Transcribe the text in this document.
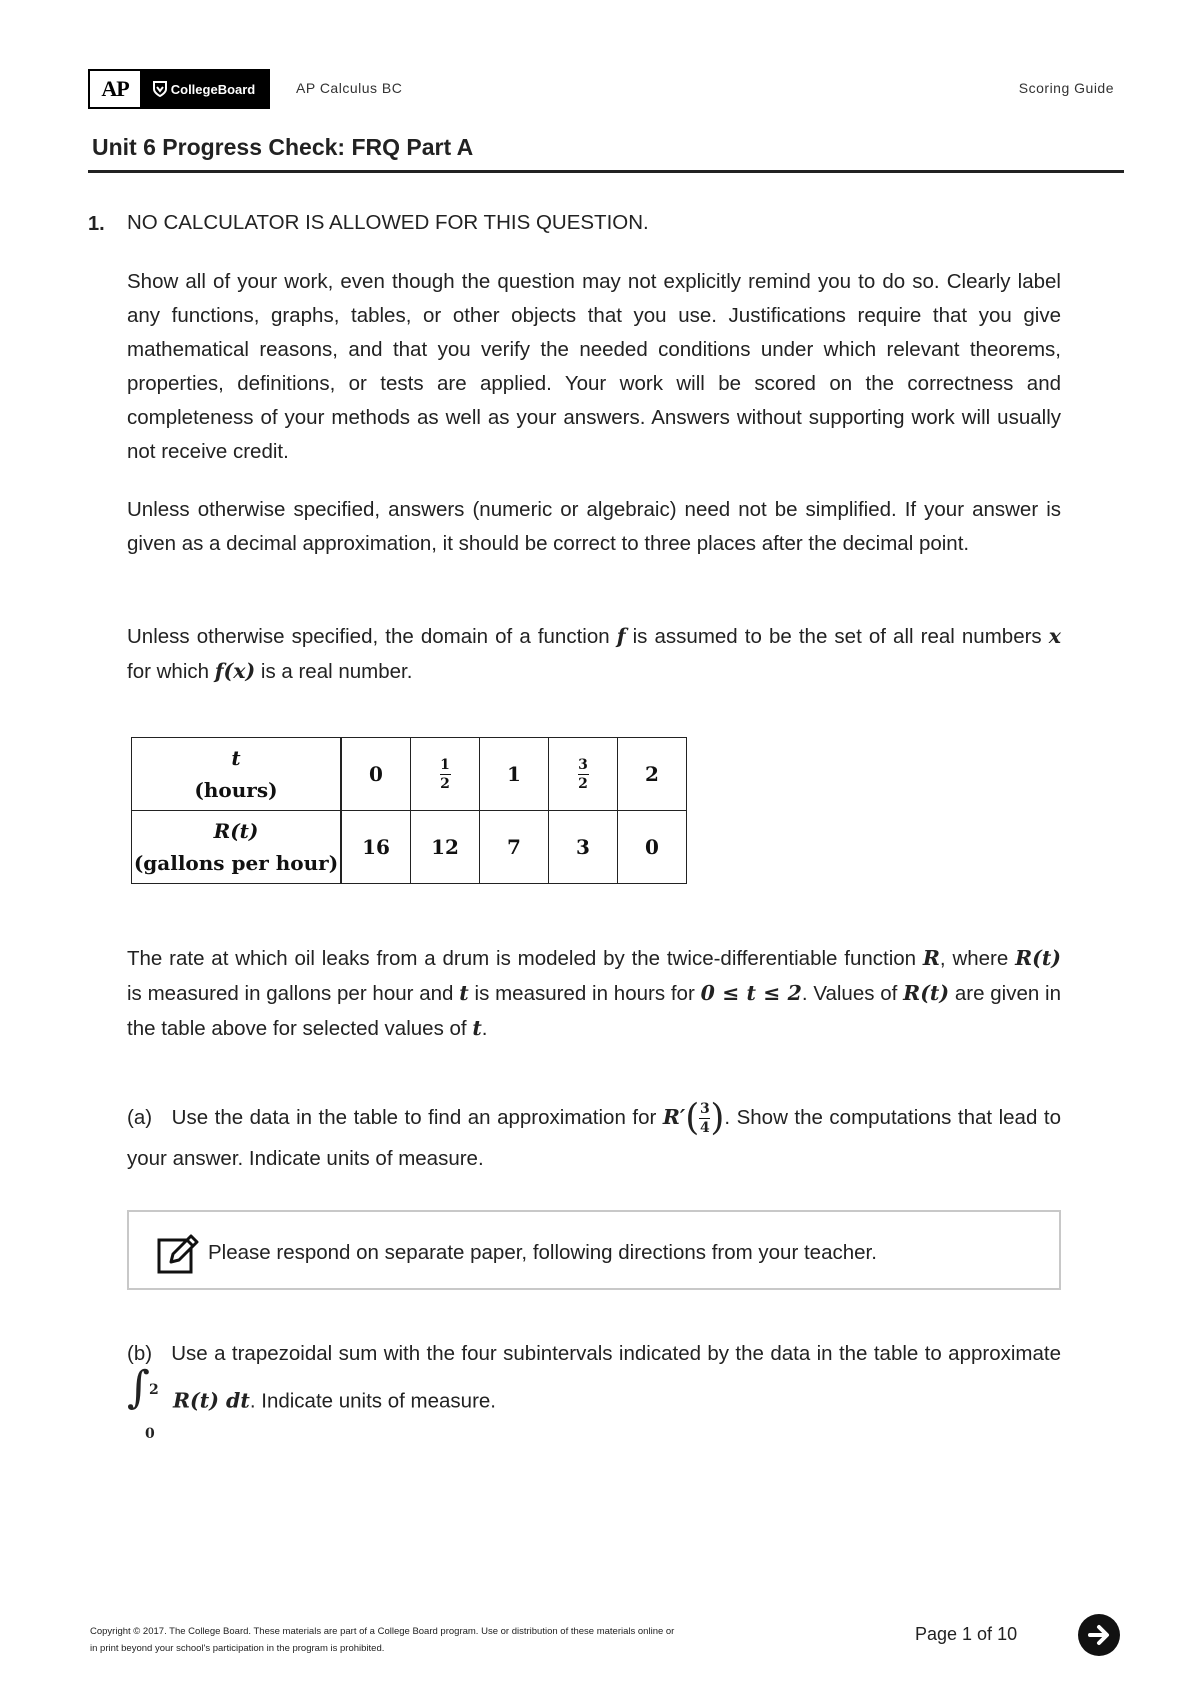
AP	CollegeBoard	AP Calculus BC	Scoring Guide
Unit 6 Progress Check: FRQ Part A
1. NO CALCULATOR IS ALLOWED FOR THIS QUESTION.

Show all of your work, even though the question may not explicitly remind you to do so. Clearly label any functions, graphs, tables, or other objects that you use. Justifications require that you give mathematical reasons, and that you verify the needed conditions under which relevant theorems, properties, definitions, or tests are applied. Your work will be scored on the correctness and completeness of your methods as well as your answers. Answers without supporting work will usually not receive credit.

Unless otherwise specified, answers (numeric or algebraic) need not be simplified. If your answer is given as a decimal approximation, it should be correct to three places after the decimal point.

Unless otherwise specified, the domain of a function f is assumed to be the set of all real numbers x for which f(x) is a real number.

t
(hours)	0	$\frac{1}{2}$	1	$\frac{3}{2}$	2
R(t)
(gallons per hour)	16	12	7	3	0

The rate at which oil leaks from a drum is modeled by the twice-differentiable function R, where R(t) is measured in gallons per hour and t is measured in hours for 0 ≤ t ≤ 2. Values of R(t) are given in the table above for selected values of t.

(a) Use the data in the table to find an approximation for $R'( \frac{3}{4}$ ). Show the computations that lead to your answer. Indicate units of measure.

Please respond on separate paper, following directions from your teacher.

(b) Use a trapezoidal sum with the four subintervals indicated by the data in the table to approximate
∫ 2
0
R(t) dt. Indicate units of measure.

Copyright © 2017. The College Board. These materials are part of a College Board program. Use or distribution of these materials online or
in print beyond your school's participation in the program is prohibited.
Page 1 of 10
